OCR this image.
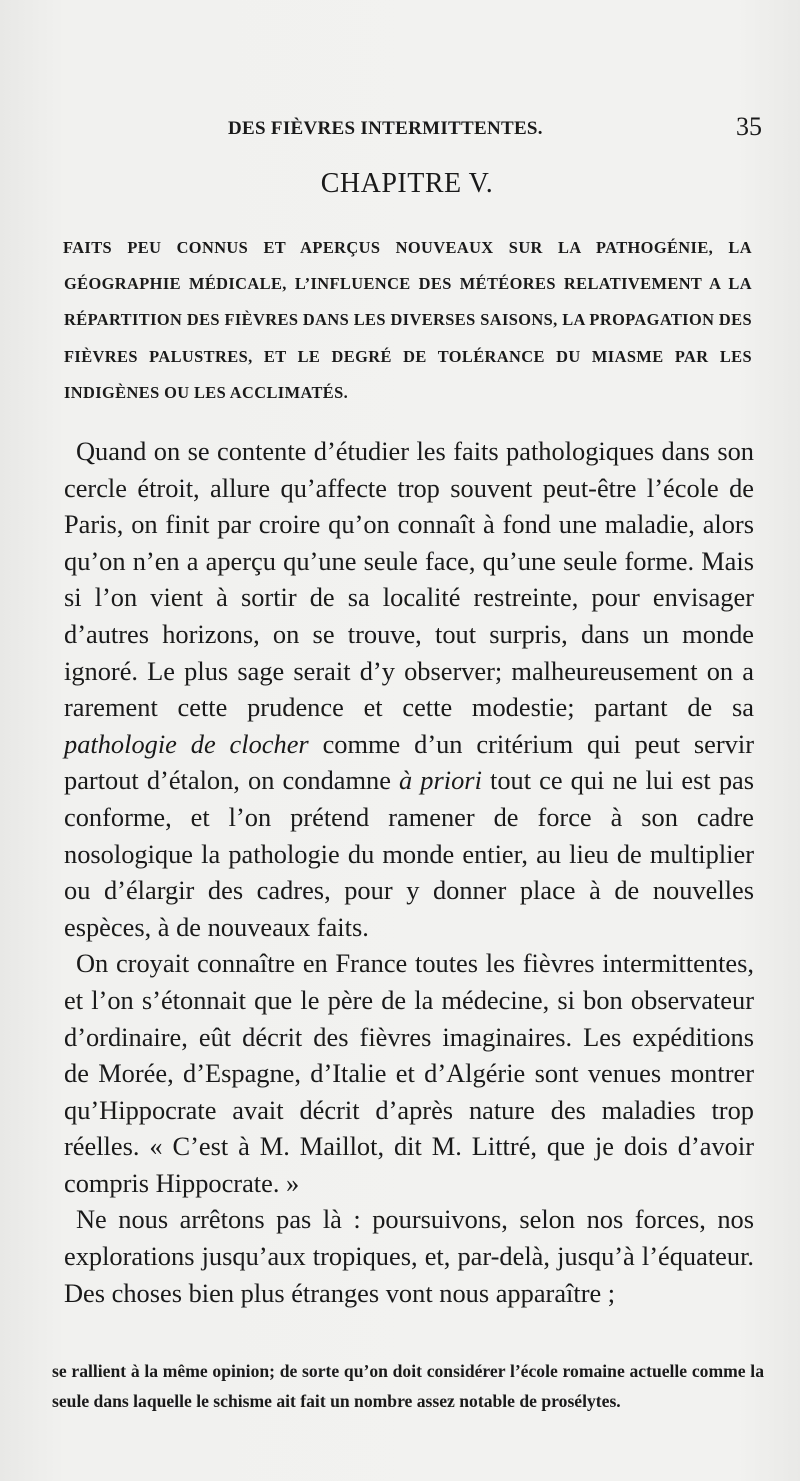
DES FIÈVRES INTERMITTENTES.	35
CHAPITRE V.
FAITS PEU CONNUS ET APERÇUS NOUVEAUX SUR LA PATHOGÉNIE, LA GÉOGRAPHIE MÉDICALE, L’INFLUENCE DES MÉTÉORES RELATIVEMENT A LA RÉPARTITION DES FIÈVRES DANS LES DIVERSES SAISONS, LA PROPAGATION DES FIÈVRES PALUSTRES, ET LE DEGRÉ DE TOLÉRANCE DU MIASME PAR LES INDIGÈNES OU LES ACCLIMATÉS.

Quand on se contente d’étudier les faits pathologiques dans son cercle étroit, allure qu’affecte trop souvent peut-être l’école de Paris, on finit par croire qu’on connaît à fond une maladie, alors qu’on n’en a aperçu qu’une seule face, qu’une seule forme. Mais si l’on vient à sortir de sa localité restreinte, pour envisager d’autres horizons, on se trouve, tout surpris, dans un monde ignoré. Le plus sage serait d’y observer; malheureusement on a rarement cette prudence et cette modestie; partant de sa pathologie de clocher comme d’un critérium qui peut servir partout d’étalon, on condamne à priori tout ce qui ne lui est pas conforme, et l’on prétend ramener de force à son cadre nosologique la pathologie du monde entier, au lieu de multiplier ou d’élargir des cadres, pour y donner place à de nouvelles espèces, à de nouveaux faits.

On croyait connaître en France toutes les fièvres intermittentes, et l’on s’étonnait que le père de la médecine, si bon observateur d’ordinaire, eût décrit des fièvres imaginaires. Les expéditions de Morée, d’Espagne, d’Italie et d’Algérie sont venues montrer qu’Hippocrate avait décrit d’après nature des maladies trop réelles. « C’est à M. Maillot, dit M. Littré, que je dois d’avoir compris Hippocrate. »

Ne nous arrêtons pas là : poursuivons, selon nos forces, nos explorations jusqu’aux tropiques, et, par-delà, jusqu’à l’équateur. Des choses bien plus étranges vont nous apparaître ;

se rallient à la même opinion; de sorte qu’on doit considérer l’école romaine actuelle comme la seule dans laquelle le schisme ait fait un nombre assez notable de prosélytes.
